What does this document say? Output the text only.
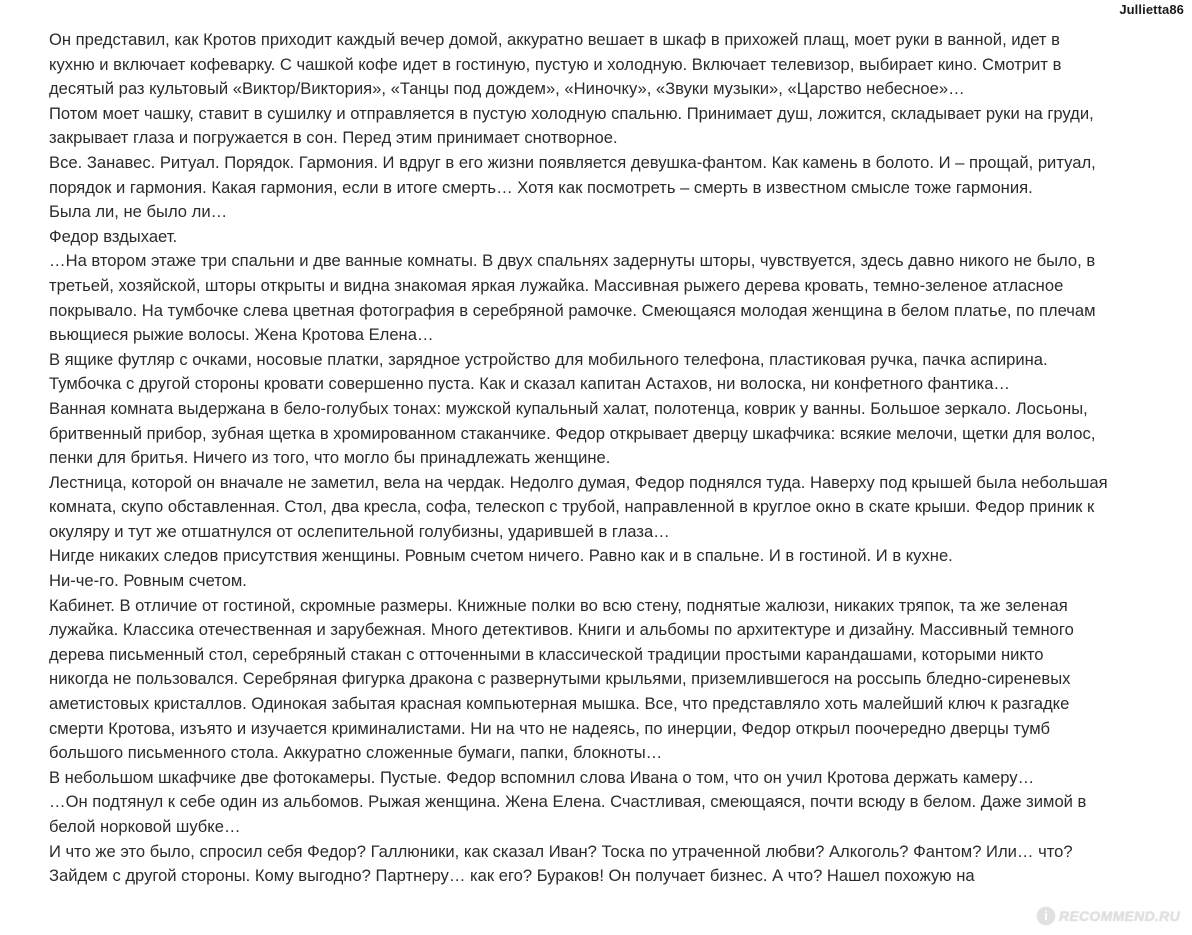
Jullietta86

Он представил, как Кротов приходит каждый вечер домой, аккуратно вешает в шкаф в прихожей плащ, моет руки в ванной, идет в
кухню и включает кофеварку. С чашкой кофе идет в гостиную, пустую и холодную. Включает телевизор, выбирает кино. Смотрит в
десятый раз культовый «Виктор/Виктория», «Танцы под дождем», «Ниночку», «Звуки музыки», «Царство небесное»…

Потом моет чашку, ставит в сушилку и отправляется в пустую холодную спальню. Принимает душ, ложится, складывает руки на груди,
закрывает глаза и погружается в сон. Перед этим принимает снотворное.

Все. Занавес. Ритуал. Порядок. Гармония. И вдруг в его жизни появляется девушка-фантом. Как камень в болото. И – прощай, ритуал,
порядок и гармония. Какая гармония, если в итоге смерть… Хотя как посмотреть – смерть в известном смысле тоже гармония.

Была ли, не было ли…

Федор вздыхает.

…На втором этаже три спальни и две ванные комнаты. В двух спальнях задернуты шторы, чувствуется, здесь давно никого не было, в
третьей, хозяйской, шторы открыты и видна знакомая яркая лужайка. Массивная рыжего дерева кровать, темно-зеленое атласное
покрывало. На тумбочке слева цветная фотография в серебряной рамочке. Смеющаяся молодая женщина в белом платье, по плечам
вьющиеся рыжие волосы. Жена Кротова Елена…

В ящике футляр с очками, носовые платки, зарядное устройство для мобильного телефона, пластиковая ручка, пачка аспирина.

Тумбочка с другой стороны кровати совершенно пуста. Как и сказал капитан Астахов, ни волоска, ни конфетного фантика…

Ванная комната выдержана в бело-голубых тонах: мужской купальный халат, полотенца, коврик у ванны. Большое зеркало. Лосьоны,
бритвенный прибор, зубная щетка в хромированном стаканчике. Федор открывает дверцу шкафчика: всякие мелочи, щетки для волос,
пенки для бритья. Ничего из того, что могло бы принадлежать женщине.

Лестница, которой он вначале не заметил, вела на чердак. Недолго думая, Федор поднялся туда. Наверху под крышей была небольшая
комната, скупо обставленная. Стол, два кресла, софа, телескоп с трубой, направленной в круглое окно в скате крыши. Федор приник к
окуляру и тут же отшатнулся от ослепительной голубизны, ударившей в глаза…

Нигде никаких следов присутствия женщины. Ровным счетом ничего. Равно как и в спальне. И в гостиной. И в кухне.

Ни-че-го. Ровным счетом.

Кабинет. В отличие от гостиной, скромные размеры. Книжные полки во всю стену, поднятые жалюзи, никаких тряпок, та же зеленая
лужайка. Классика отечественная и зарубежная. Много детективов. Книги и альбомы по архитектуре и дизайну. Массивный темного
дерева письменный стол, серебряный стакан с отточенными в классической традиции простыми карандашами, которыми никто
никогда не пользовался. Серебряная фигурка дракона с развернутыми крыльями, приземлившегося на россыпь бледно-сиреневых
аметистовых кристаллов. Одинокая забытая красная компьютерная мышка. Все, что представляло хоть малейший ключ к разгадке
смерти Кротова, изъято и изучается криминалистами. Ни на что не надеясь, по инерции, Федор открыл поочередно дверцы тумб
большого письменного стола. Аккуратно сложенные бумаги, папки, блокноты…

В небольшом шкафчике две фотокамеры. Пустые. Федор вспомнил слова Ивана о том, что он учил Кротова держать камеру…

…Он подтянул к себе один из альбомов. Рыжая женщина. Жена Елена. Счастливая, смеющаяся, почти всюду в белом. Даже зимой в
белой норковой шубке…

И что же это было, спросил себя Федор? Галлюники, как сказал Иван? Тоска по утраченной любви? Алкоголь? Фантом? Или… что?
Зайдем с другой стороны. Кому выгодно? Партнеру… как его? Бураков! Он получает бизнес. А что? Нашел похожую на

i RECOMMEND.RU
